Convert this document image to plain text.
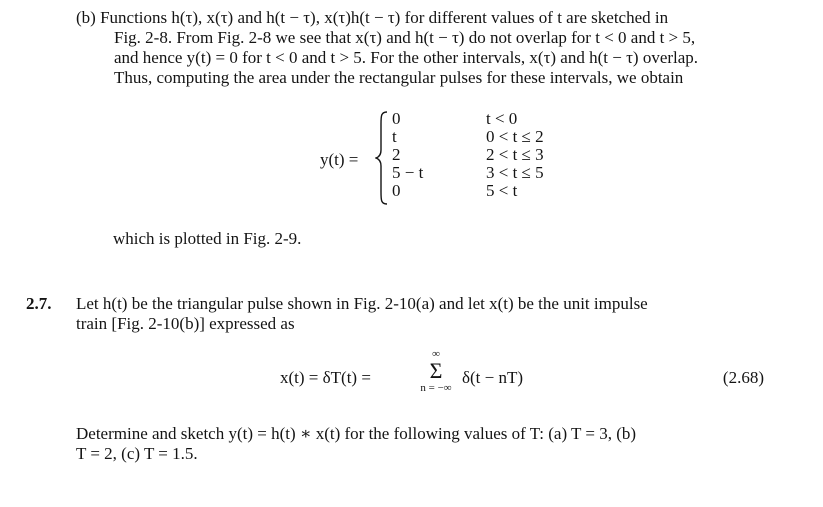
(b) Functions h(τ), x(τ) and h(t − τ), x(τ)h(t − τ) for different values of t are sketched in
Fig. 2-8. From Fig. 2-8 we see that x(τ) and h(t − τ) do not overlap for t < 0 and t > 5,
and hence y(t) = 0 for t < 0 and t > 5. For the other intervals, x(τ) and h(t − τ) overlap.
Thus, computing the area under the rectangular pulses for these intervals, we obtain
y(t) =
0
t
2
5 − t
0
t < 0
0 < t ≤ 2
2 < t ≤ 3
3 < t ≤ 5
5 < t
which is plotted in Fig. 2-9.
2.7. Let h(t) be the triangular pulse shown in Fig. 2-10(a) and let x(t) be the unit impulse
train [Fig. 2-10(b)] expressed as
x(t) = δT(t) =
∞
Σ
n = −∞
δ(t − nT)	(2.68)
Determine and sketch y(t) = h(t) ∗ x(t) for the following values of T: (a) T = 3, (b)
T = 2, (c) T = 1.5.
